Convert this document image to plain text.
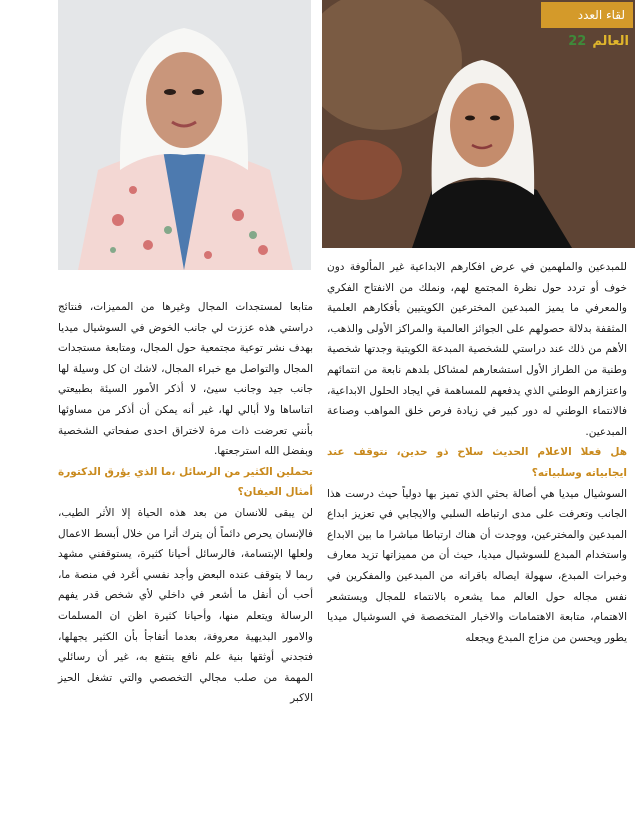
لقاء العدد
22 العالم

للمبدعين والملهمين في عرض افكارهم الابداعية غير المألوفة دون خوف أو تردد حول نظرة المجتمع لهم، ونملك من الانفتاح الفكري والمعرفي ما يميز المبدعين المخترعين الكويتيين بأفكارهم العلمية المثقفة بدلالة حصولهم على الجوائز العالمية والمراكز الأولى والذهب، الأهم من ذلك عند دراستي للشخصية المبدعة الكويتية وجدتها شخصية وطنية من الطراز الأول استشعارهم لمشاكل بلدهم نابعة من انتمائهم واعتزازهم الوطني الذي يدفعهم للمساهمة في ايجاد الحلول الابداعية، فالانتماء الوطني له دور كبير في زيادة فرص خلق المواهب وصناعة المبدعين.

هل فعلا الاعلام الحديث سلاح ذو حدين، نتوقف عند ايجابياته وسلبياته؟

السوشيال ميديا هي أصالة بحثي الذي تميز بها دولياً حيث درست هذا الجانب وتعرفت على مدى ارتباطه السلبي والايجابي في تعزيز ابداع المبدعين والمخترعين، ووجدت أن هناك ارتباطا مباشرا ما بين الابداع واستخدام المبدع للسوشيال ميديا، حيث أن من مميزاتها تزيد معارف وخبرات المبدع، سهولة ايصاله باقرانه من المبدعين والمفكرين في نفس مجاله حول العالم مما يشعره بالانتماء للمجال ويستشعر الاهتمام، متابعة الاهتمامات والاخبار المتخصصة في السوشيال ميديا يطور ويحسن من مزاج المبدع ويجعله

متابعا لمستجدات المجال وغيرها من المميزات، فنتائج دراستي هذه عززت لي جانب الخوض في السوشيال ميديا بهدف نشر توعية مجتمعية حول المجال، ومتابعة مستجدات المجال والتواصل مع خبراء المجال، لاشك ان كل وسيلة لها جانب جيد وجانب سيئ، لا أذكر الأمور السيئة بطبيعتي اتناساها ولا أبالي لها، غير أنه يمكن أن أذكر من مساوئها بأنني تعرضت ذات مرة لاختراق احدى صفحاتي الشخصية وبفضل الله استرجعتها.

تحملين الكثير من الرسائل ،ما الذي يؤرق الدكتورة أمثال العيفان؟

لن يبقى للانسان من بعد هذه الحياة إلا الأثر الطيب، فالإنسان يحرص دائماً أن يترك أثرا من خلال أبسط الاعمال ولعلها الإبتسامة، فالرسائل أحيانا كثيرة، يستوقفني مشهد ربما لا يتوقف عنده البعض وأجد نفسي أغرد في منصة ما، أحب أن أنقل ما أشعر في داخلي لأي شخص قدر يفهم الرسالة ويتعلم منها، وأحيانا كثيرة اظن ان المسلمات والامور البديهية معروفة، بعدما أتفاجأ بأن الكثير يجهلها، فتجدني أوثقها بنية علم نافع ينتفع به، غير أن رسائلي المهمة من صلب مجالي التخصصي والتي تشغل الحيز الاكبر
